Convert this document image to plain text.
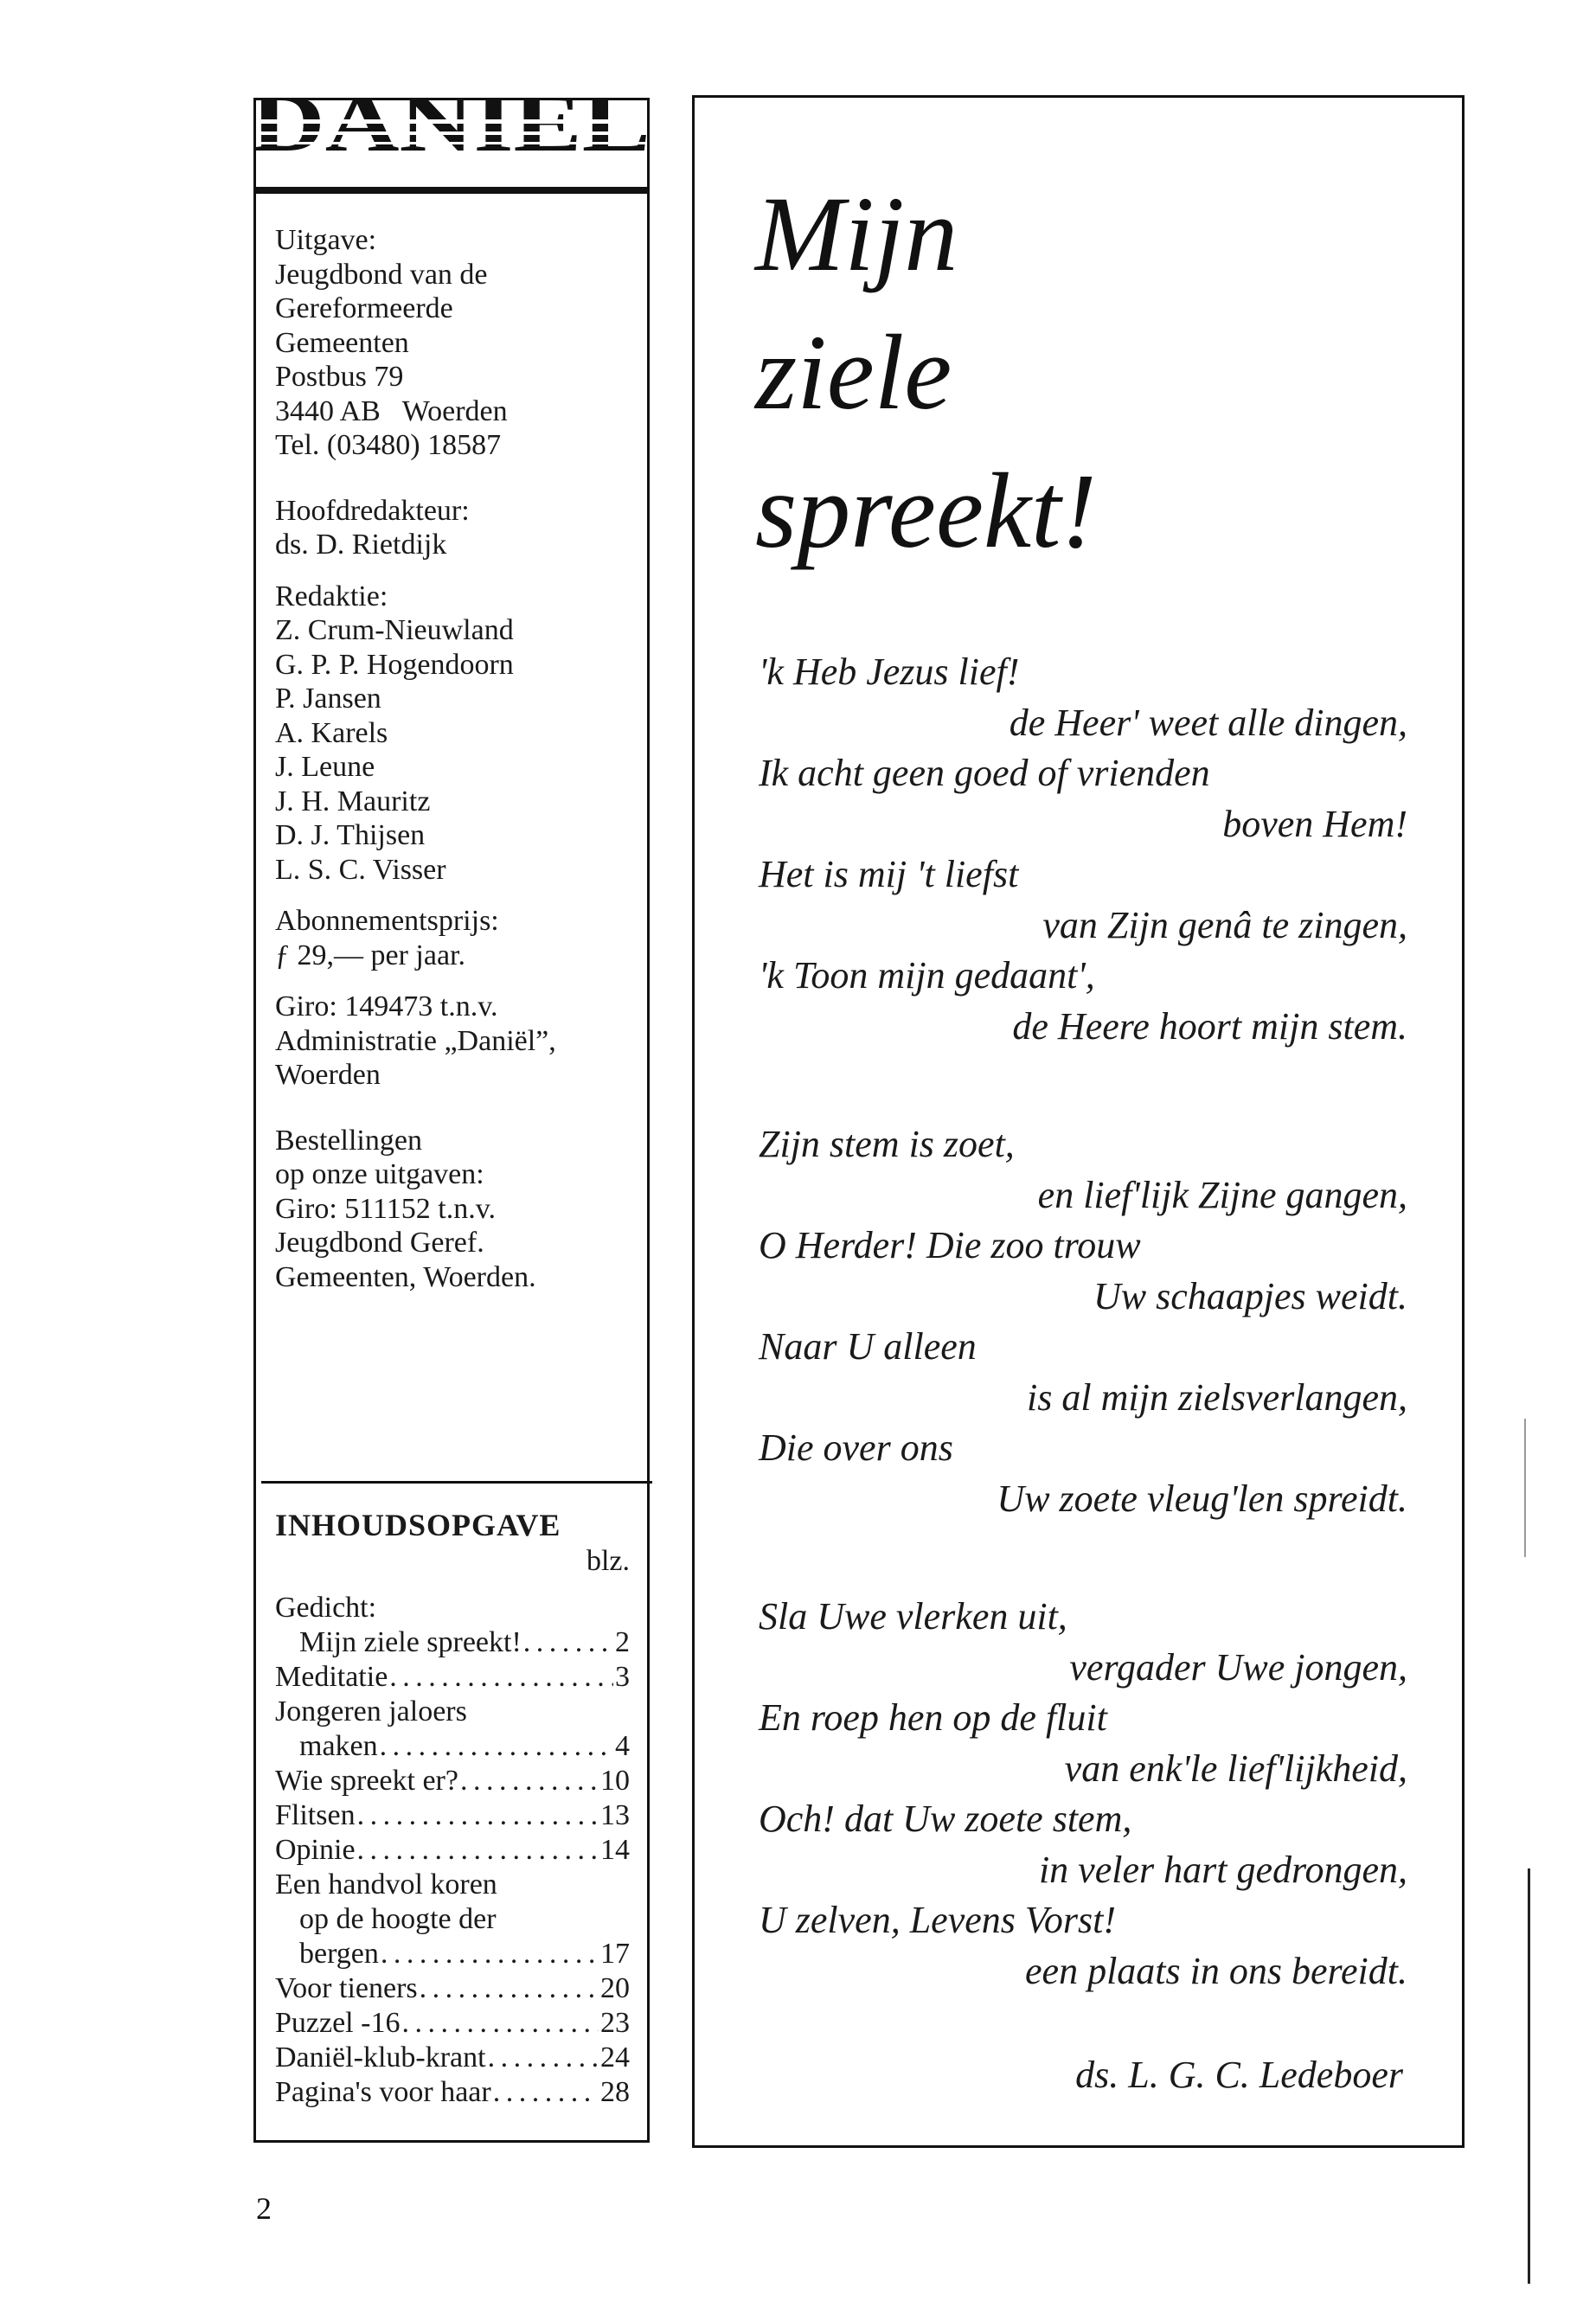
Uitgave:
Jeugdbond van de
Gereformeerde
Gemeenten
Postbus 79
3440 AB   Woerden
Tel. (03480) 18587
Hoofdredakteur:
ds. D. Rietdijk
Redaktie:
Z. Crum-Nieuwland
G. P. P. Hogendoorn
P. Jansen
A. Karels
J. Leune
J. H. Mauritz
D. J. Thijsen
L. S. C. Visser
Abonnementsprijs:
ƒ 29,— per jaar.
Giro: 149473 t.n.v.
Administratie „Daniël”,
Woerden
Bestellingen
op onze uitgaven:
Giro: 511152 t.n.v.
Jeugdbond Geref.
Gemeenten, Woerden.
INHOUDSOPGAVE
blz.
Gedicht:
Mijn ziele spreekt! . . .	2
Meditatie . . .	3
Jongeren jaloers
maken . . .	4
Wie spreekt er? . . .	10
Flitsen . . .	13
Opinie . . .	14
Een handvol koren
op de hoogte der
bergen . . .	17
Voor tieners . . .	20
Puzzel -16 . . .	23
Daniël-klub-krant . . .	24
Pagina's voor haar . . .	28
Mijn
ziele
spreekt!
'k Heb Jezus lief!
de Heer' weet alle dingen,
Ik acht geen goed of vrienden
boven Hem!
Het is mij 't liefst
van Zijn genâ te zingen,
'k Toon mijn gedaant',
de Heere hoort mijn stem.
Zijn stem is zoet,
en lief'lijk Zijne gangen,
O Herder! Die zoo trouw
Uw schaapjes weidt.
Naar U alleen
is al mijn zielsverlangen,
Die over ons
Uw zoete vleug'len spreidt.
Sla Uwe vlerken uit,
vergader Uwe jongen,
En roep hen op de fluit
van enk'le lief'lijkheid,
Och! dat Uw zoete stem,
in veler hart gedrongen,
U zelven, Levens Vorst!
een plaats in ons bereidt.
ds. L. G. C. Ledeboer
2
